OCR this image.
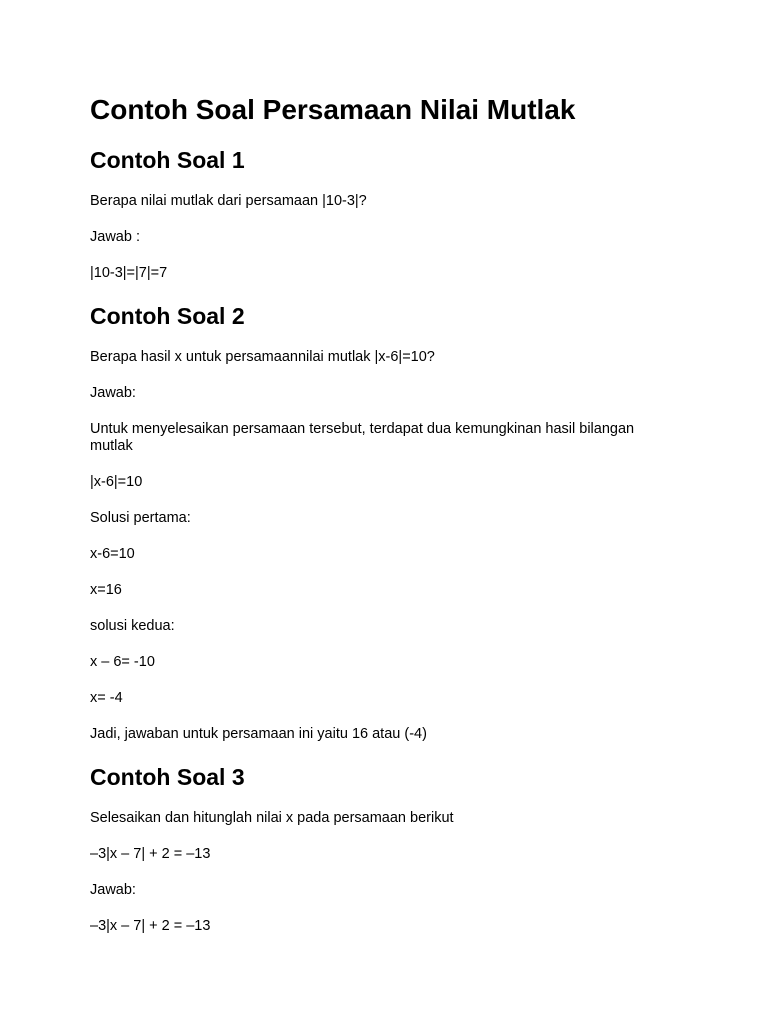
Contoh Soal Persamaan Nilai Mutlak
Contoh Soal 1

Berapa nilai mutlak dari persamaan |10-3|?

Jawab :

|10-3|=|7|=7

Contoh Soal 2

Berapa hasil x untuk persamaannilai mutlak |x-6|=10?

Jawab:

Untuk menyelesaikan persamaan tersebut, terdapat dua kemungkinan hasil bilangan mutlak

|x-6|=10

Solusi pertama:

x-6=10

x=16

solusi kedua:

x – 6= -10

x= -4

Jadi, jawaban untuk persamaan ini yaitu 16 atau (-4)

Contoh Soal 3

Selesaikan dan hitunglah nilai x pada persamaan berikut

–3|x – 7| + 2 = –13

Jawab:

–3|x – 7| + 2 = –13
